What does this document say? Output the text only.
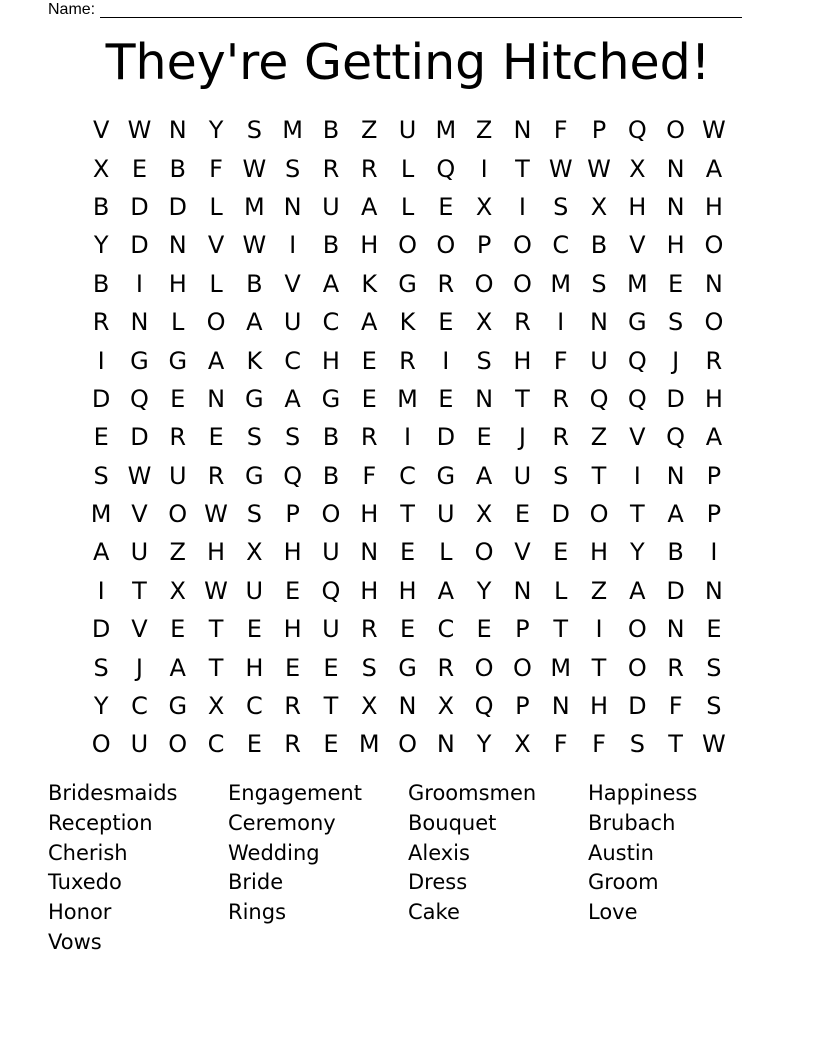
Name:
They're Getting Hitched!
V W N Y S M B Z U M Z N F	P Q O W
X E B F W S R R L Q	I	T W W X N A
B D D L M N U A L	E X	I	S X H N H
Y D N V W I	B H O O P O C B V H O
B	I	H L B V A K G R O O M S M E N
R N L O A U C A K E X R	I	N G S O
I	G G A K C H E R	I	S H F U Q	J	R
D Q E N G A G E M E N T R Q Q D H
E D R E S S B R	I	D E	J	R Z V Q A
S W U R G Q B F C G A U S T	I	N P
M V O W S P O H T U X E D O T A P
A U Z H X H U N E	L O V E H Y B	I
I	T X W U E Q H H A Y N L Z A D N
D V E T E H U R E C E P T	I	O N E
S	J	A T H E E S G R O O M T O R S
Y C G X C R T X N X Q P N H D F S
O U O C E R E M O N Y X F	F S T W
Bridesmaids	Engagement	Groomsmen	Happiness
Reception	Ceremony	Bouquet	Brubach
Cherish	Wedding	Alexis	Austin
Tuxedo	Bride	Dress	Groom
Honor	Rings	Cake	Love
Vows
